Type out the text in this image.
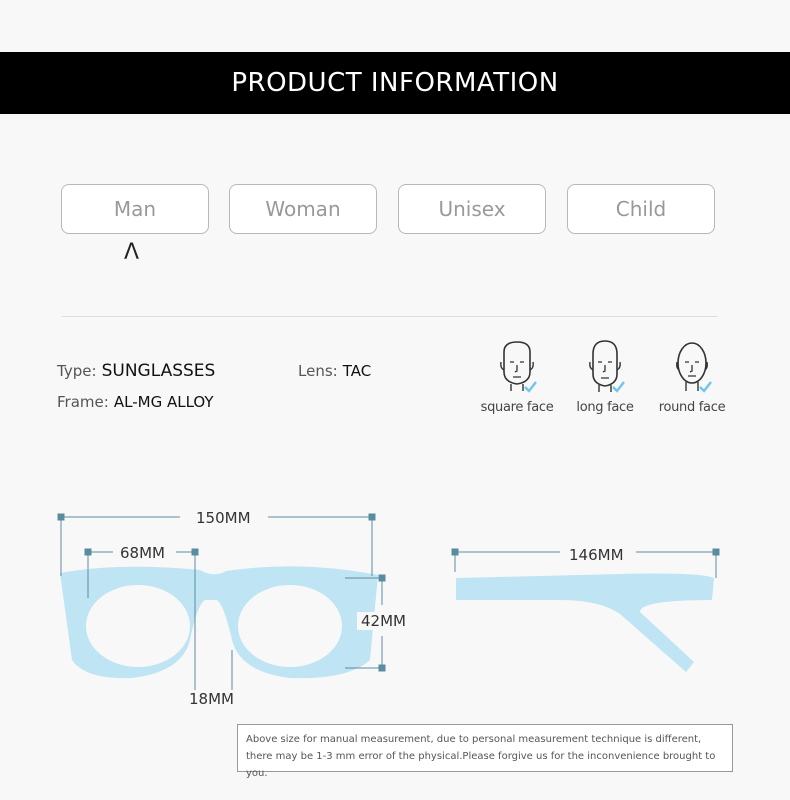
PRODUCT INFORMATION
Man	Woman	Unisex	Child
Λ
Type: SUNGLASSES
Frame: AL-MG ALLOY
Lens: TAC
square face	long face	round face
150MM
68MM
42MM
18MM
146MM
Above size for manual measurement, due to personal measurement technique is different,
there may be 1-3 mm error of the physical.Please forgive us for the inconvenience brought to you.
